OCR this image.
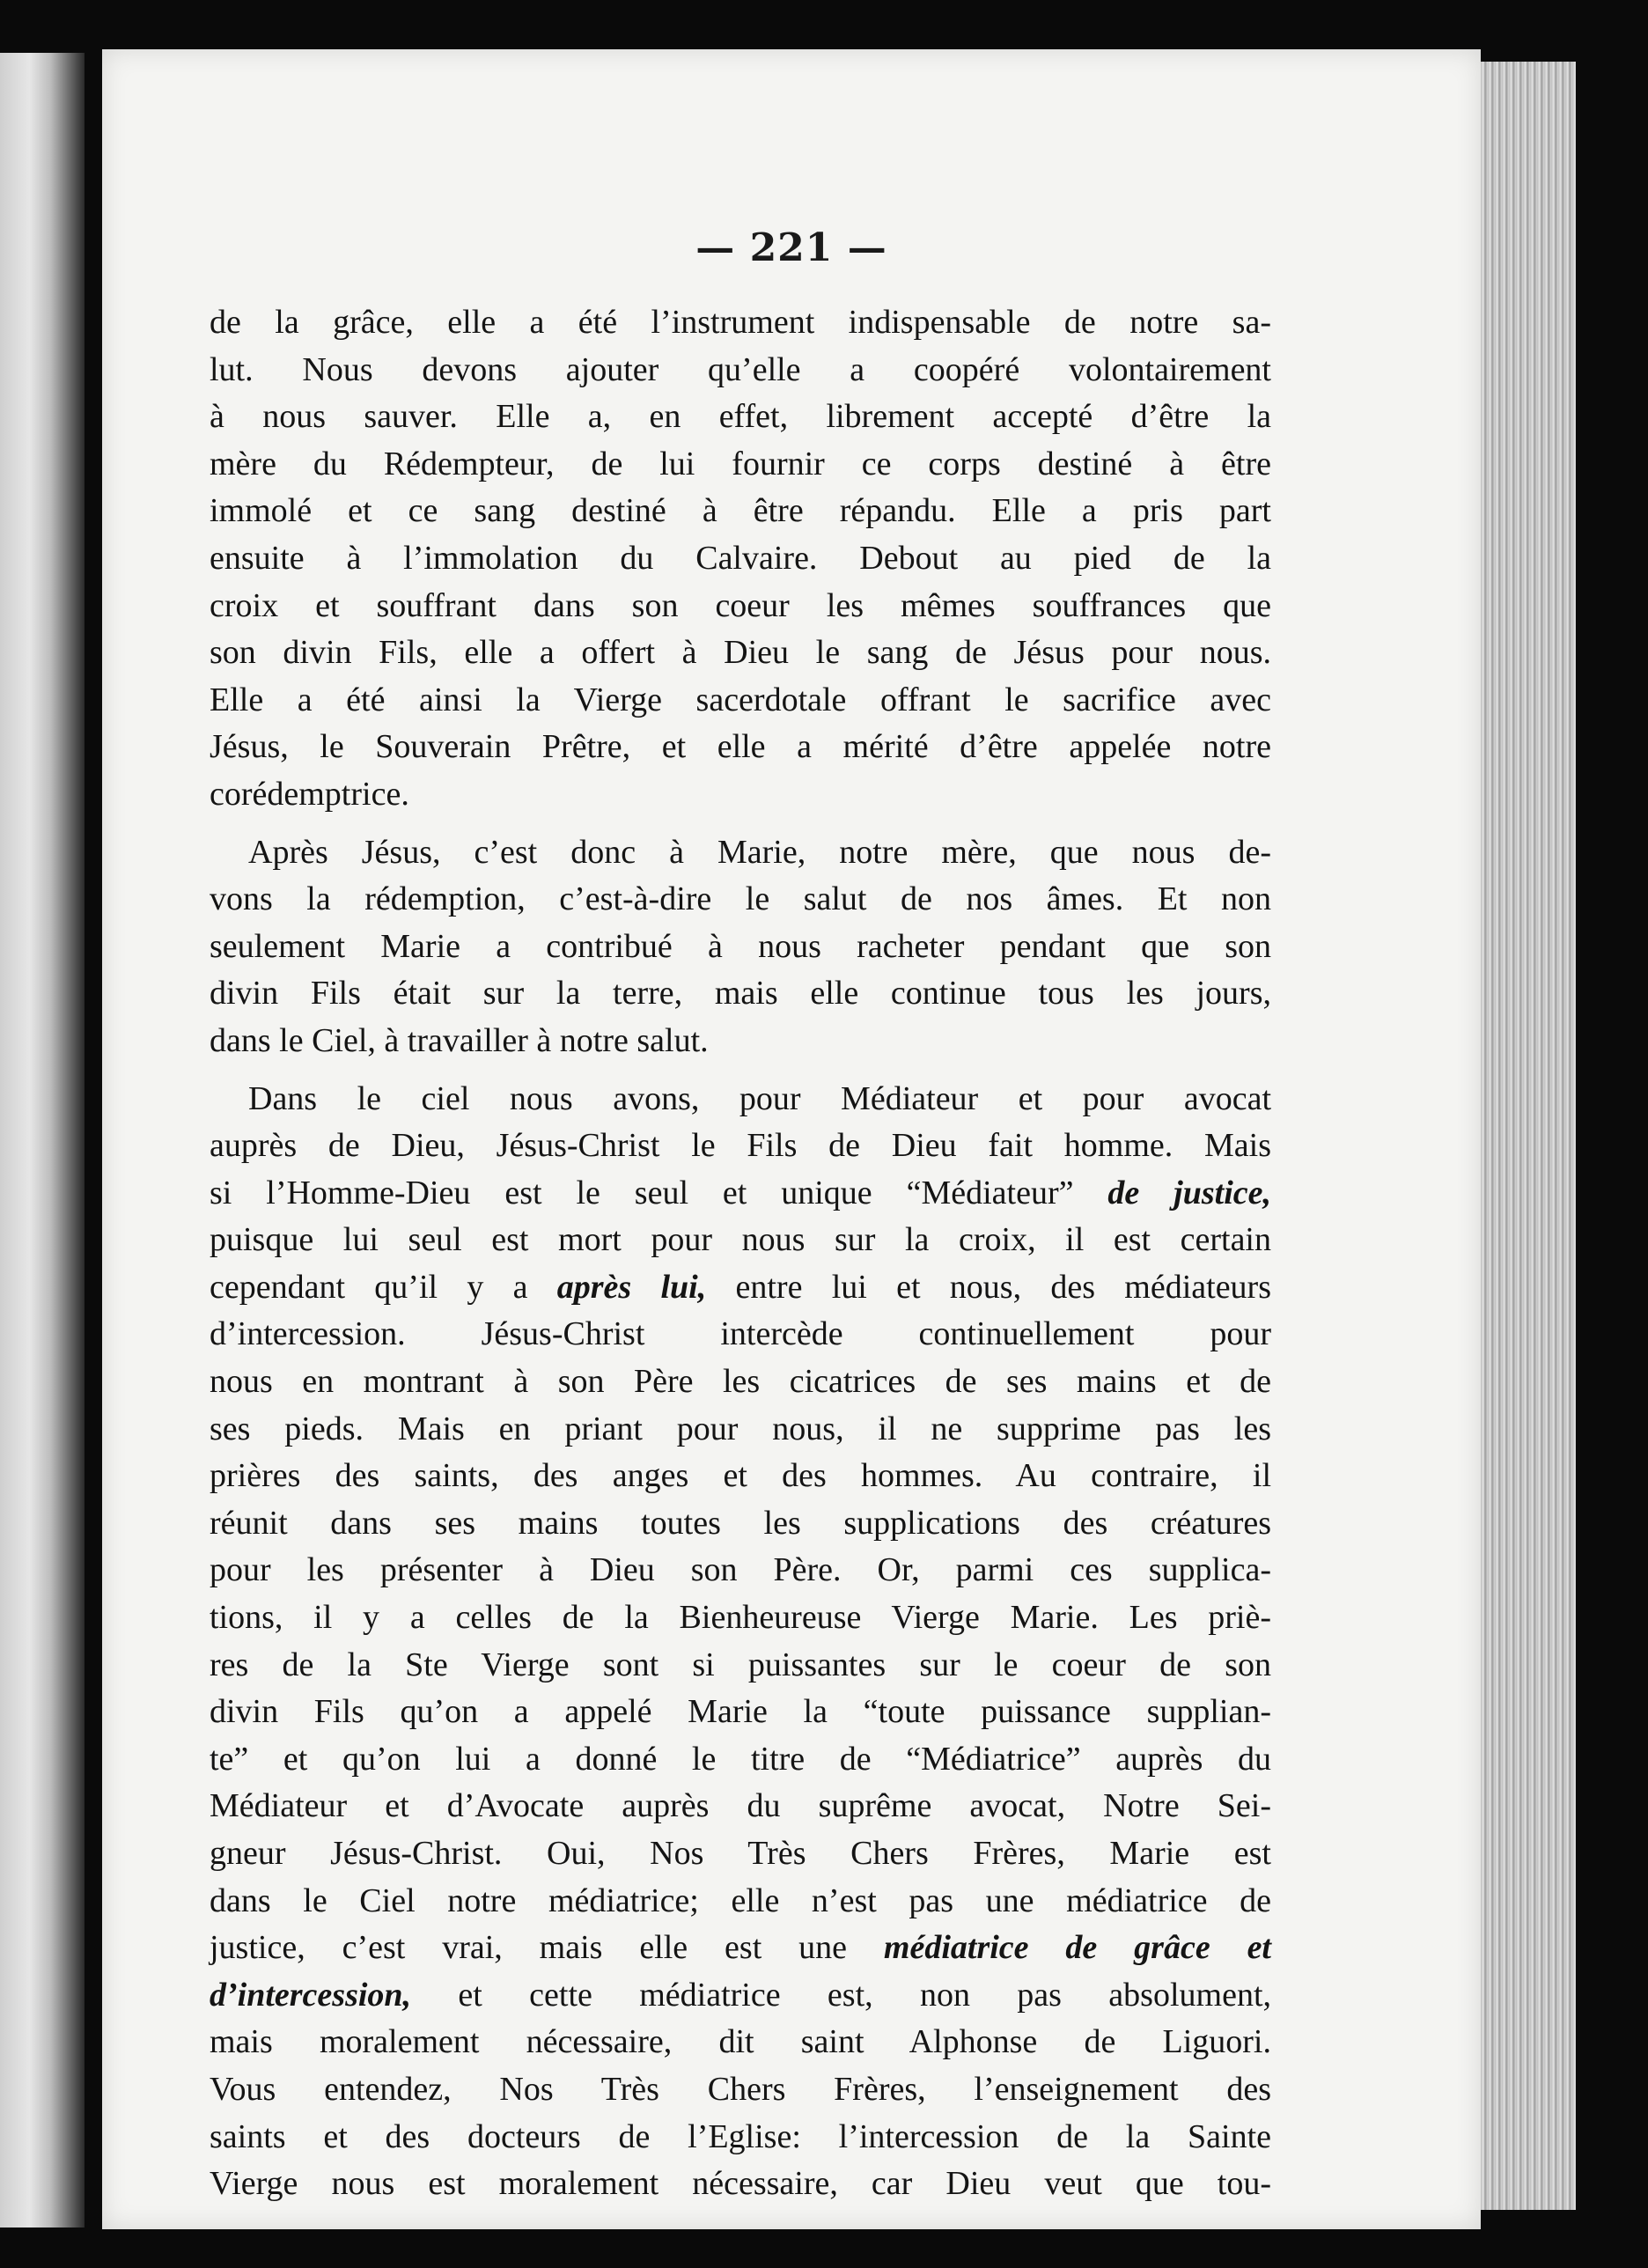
— 221 —
de la grâce, elle a été l’instrument indispensable de notre sa-
lut. Nous devons ajouter qu’elle a coopéré volontairement
à nous sauver. Elle a, en effet, librement accepté d’être la
mère du Rédempteur, de lui fournir ce corps destiné à être
immolé et ce sang destiné à être répandu. Elle a pris part
ensuite à l’immolation du Calvaire. Debout au pied de la
croix et souffrant dans son coeur les mêmes souffrances que
son divin Fils, elle a offert à Dieu le sang de Jésus pour nous.
Elle a été ainsi la Vierge sacerdotale offrant le sacrifice avec
Jésus, le Souverain Prêtre, et elle a mérité d’être appelée notre
corédemptrice.
Après Jésus, c’est donc à Marie, notre mère, que nous de-
vons la rédemption, c’est-à-dire le salut de nos âmes. Et non
seulement Marie a contribué à nous racheter pendant que son
divin Fils était sur la terre, mais elle continue tous les jours,
dans le Ciel, à travailler à notre salut.
Dans le ciel nous avons, pour Médiateur et pour avocat
auprès de Dieu, Jésus-Christ le Fils de Dieu fait homme. Mais
si l’Homme-Dieu est le seul et unique “Médiateur” de justice,
puisque lui seul est mort pour nous sur la croix, il est certain
cependant qu’il y a après lui, entre lui et nous, des médiateurs
d’intercession. Jésus-Christ intercède continuellement pour
nous en montrant à son Père les cicatrices de ses mains et de
ses pieds. Mais en priant pour nous, il ne supprime pas les
prières des saints, des anges et des hommes. Au contraire, il
réunit dans ses mains toutes les supplications des créatures
pour les présenter à Dieu son Père. Or, parmi ces supplica-
tions, il y a celles de la Bienheureuse Vierge Marie. Les priè-
res de la Ste Vierge sont si puissantes sur le coeur de son
divin Fils qu’on a appelé Marie la “toute puissance supplian-
te” et qu’on lui a donné le titre de “Médiatrice” auprès du
Médiateur et d’Avocate auprès du suprême avocat, Notre Sei-
gneur Jésus-Christ. Oui, Nos Très Chers Frères, Marie est
dans le Ciel notre médiatrice; elle n’est pas une médiatrice de
justice, c’est vrai, mais elle est une médiatrice de grâce et
d’intercession, et cette médiatrice est, non pas absolument,
mais moralement nécessaire, dit saint Alphonse de Liguori.
Vous entendez, Nos Très Chers Frères, l’enseignement des
saints et des docteurs de l’Eglise: l’intercession de la Sainte
Vierge nous est moralement nécessaire, car Dieu veut que tou-
